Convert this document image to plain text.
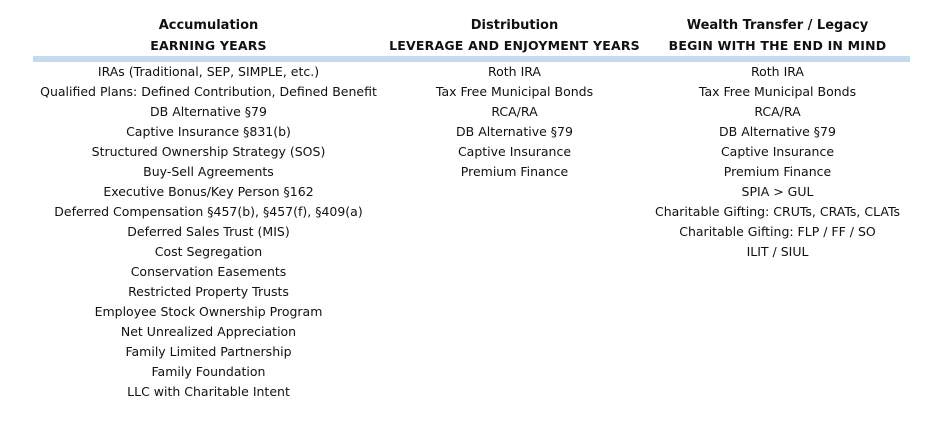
Accumulation
EARNING YEARS
Distribution
LEVERAGE AND ENJOYMENT YEARS
Wealth Transfer / Legacy
BEGIN WITH THE END IN MIND
IRAs (Traditional, SEP, SIMPLE, etc.)
Qualified Plans: Defined Contribution, Defined Benefit
DB Alternative §79
Captive Insurance §831(b)
Structured Ownership Strategy (SOS)
Buy-Sell Agreements
Executive Bonus/Key Person §162
Deferred Compensation §457(b), §457(f), §409(a)
Deferred Sales Trust (MIS)
Cost Segregation
Conservation Easements
Restricted Property Trusts
Employee Stock Ownership Program
Net Unrealized Appreciation
Family Limited Partnership
Family Foundation
LLC with Charitable Intent
Roth IRA
Tax Free Municipal Bonds
RCA/RA
DB Alternative §79
Captive Insurance
Premium Finance
Roth IRA
Tax Free Municipal Bonds
RCA/RA
DB Alternative §79
Captive Insurance
Premium Finance
SPIA > GUL
Charitable Gifting: CRUTs, CRATs, CLATs
Charitable Gifting: FLP / FF / SO
ILIT / SIUL
